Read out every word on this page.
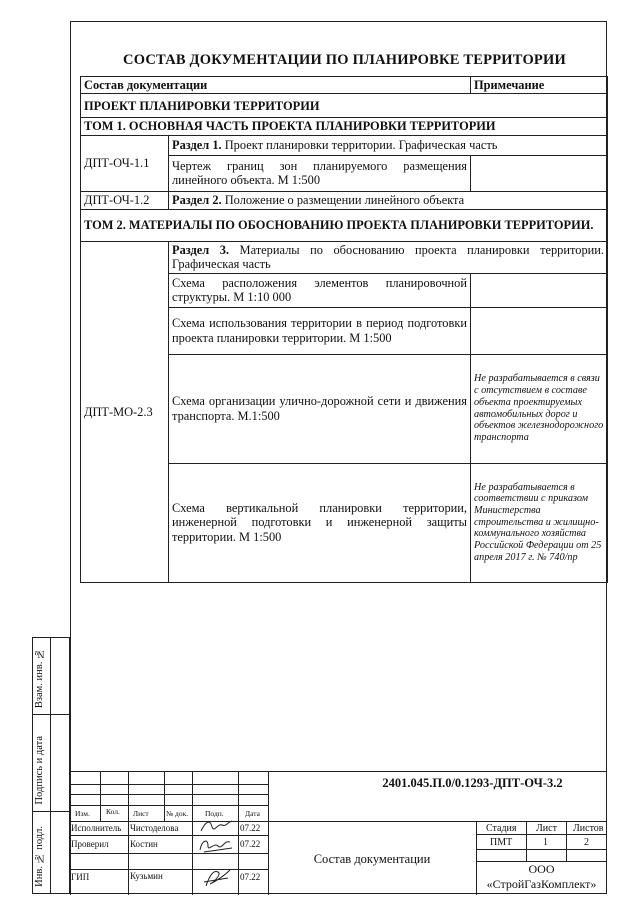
СОСТАВ ДОКУМЕНТАЦИИ ПО ПЛАНИРОВКЕ ТЕРРИТОРИИ
Состав документации		Примечание
ПРОЕКТ ПЛАНИРОВКИ ТЕРРИТОРИИ		
ТОМ 1. ОСНОВНАЯ ЧАСТЬ ПРОЕКТА ПЛАНИРОВКИ ТЕРРИТОРИИ		
ДПТ-ОЧ-1.1	Раздел 1. Проект планировки территории. Графическая часть	
	Чертеж границ зон планируемого размещения линейного объекта. М 1:500	
ДПТ-ОЧ-1.2	Раздел 2. Положение о размещении линейного объекта	
ТОМ 2. МАТЕРИАЛЫ ПО ОБОСНОВАНИЮ ПРОЕКТА ПЛАНИРОВКИ ТЕРРИТОРИИ.		
ДПТ-МО-2.3	Раздел 3. Материалы по обоснованию проекта планировки территории. Графическая часть	
	Схема расположения элементов планировочной структуры. М 1:10 000	
	Схема использования территории в период подготовки проекта планировки территории. М 1:500	
	Схема организации улично-дорожной сети и движения транспорта. М.1:500	Не разрабатывается в связи с отсутствием в составе объекта проектируемых автомобильных дорог и объектов железнодорожного транспорта
	Схема вертикальной планировки территории, инженерной подготовки и инженерной защиты территории. М 1:500	Не разрабатывается в соответствии с приказом Министерства строительства и жилищно-коммунального хозяйства Российской Федерации от 25 апреля 2017 г. № 740/пр

Взам. инв. №
Подпись и дата
Инв. № подл.
2401.045.П.0/0.1293-ДПТ-ОЧ-3.2
Изм. Кол. Лист № док. Подп.	Дата
Исполнитель Чистоделова	07.22
Проверил Костин	07.22
ГИП	Кузьмин	07.22
Состав документации
Стадия Лист Листов
ПМТ	1	2
ООО
«СтройГазКомплект»
